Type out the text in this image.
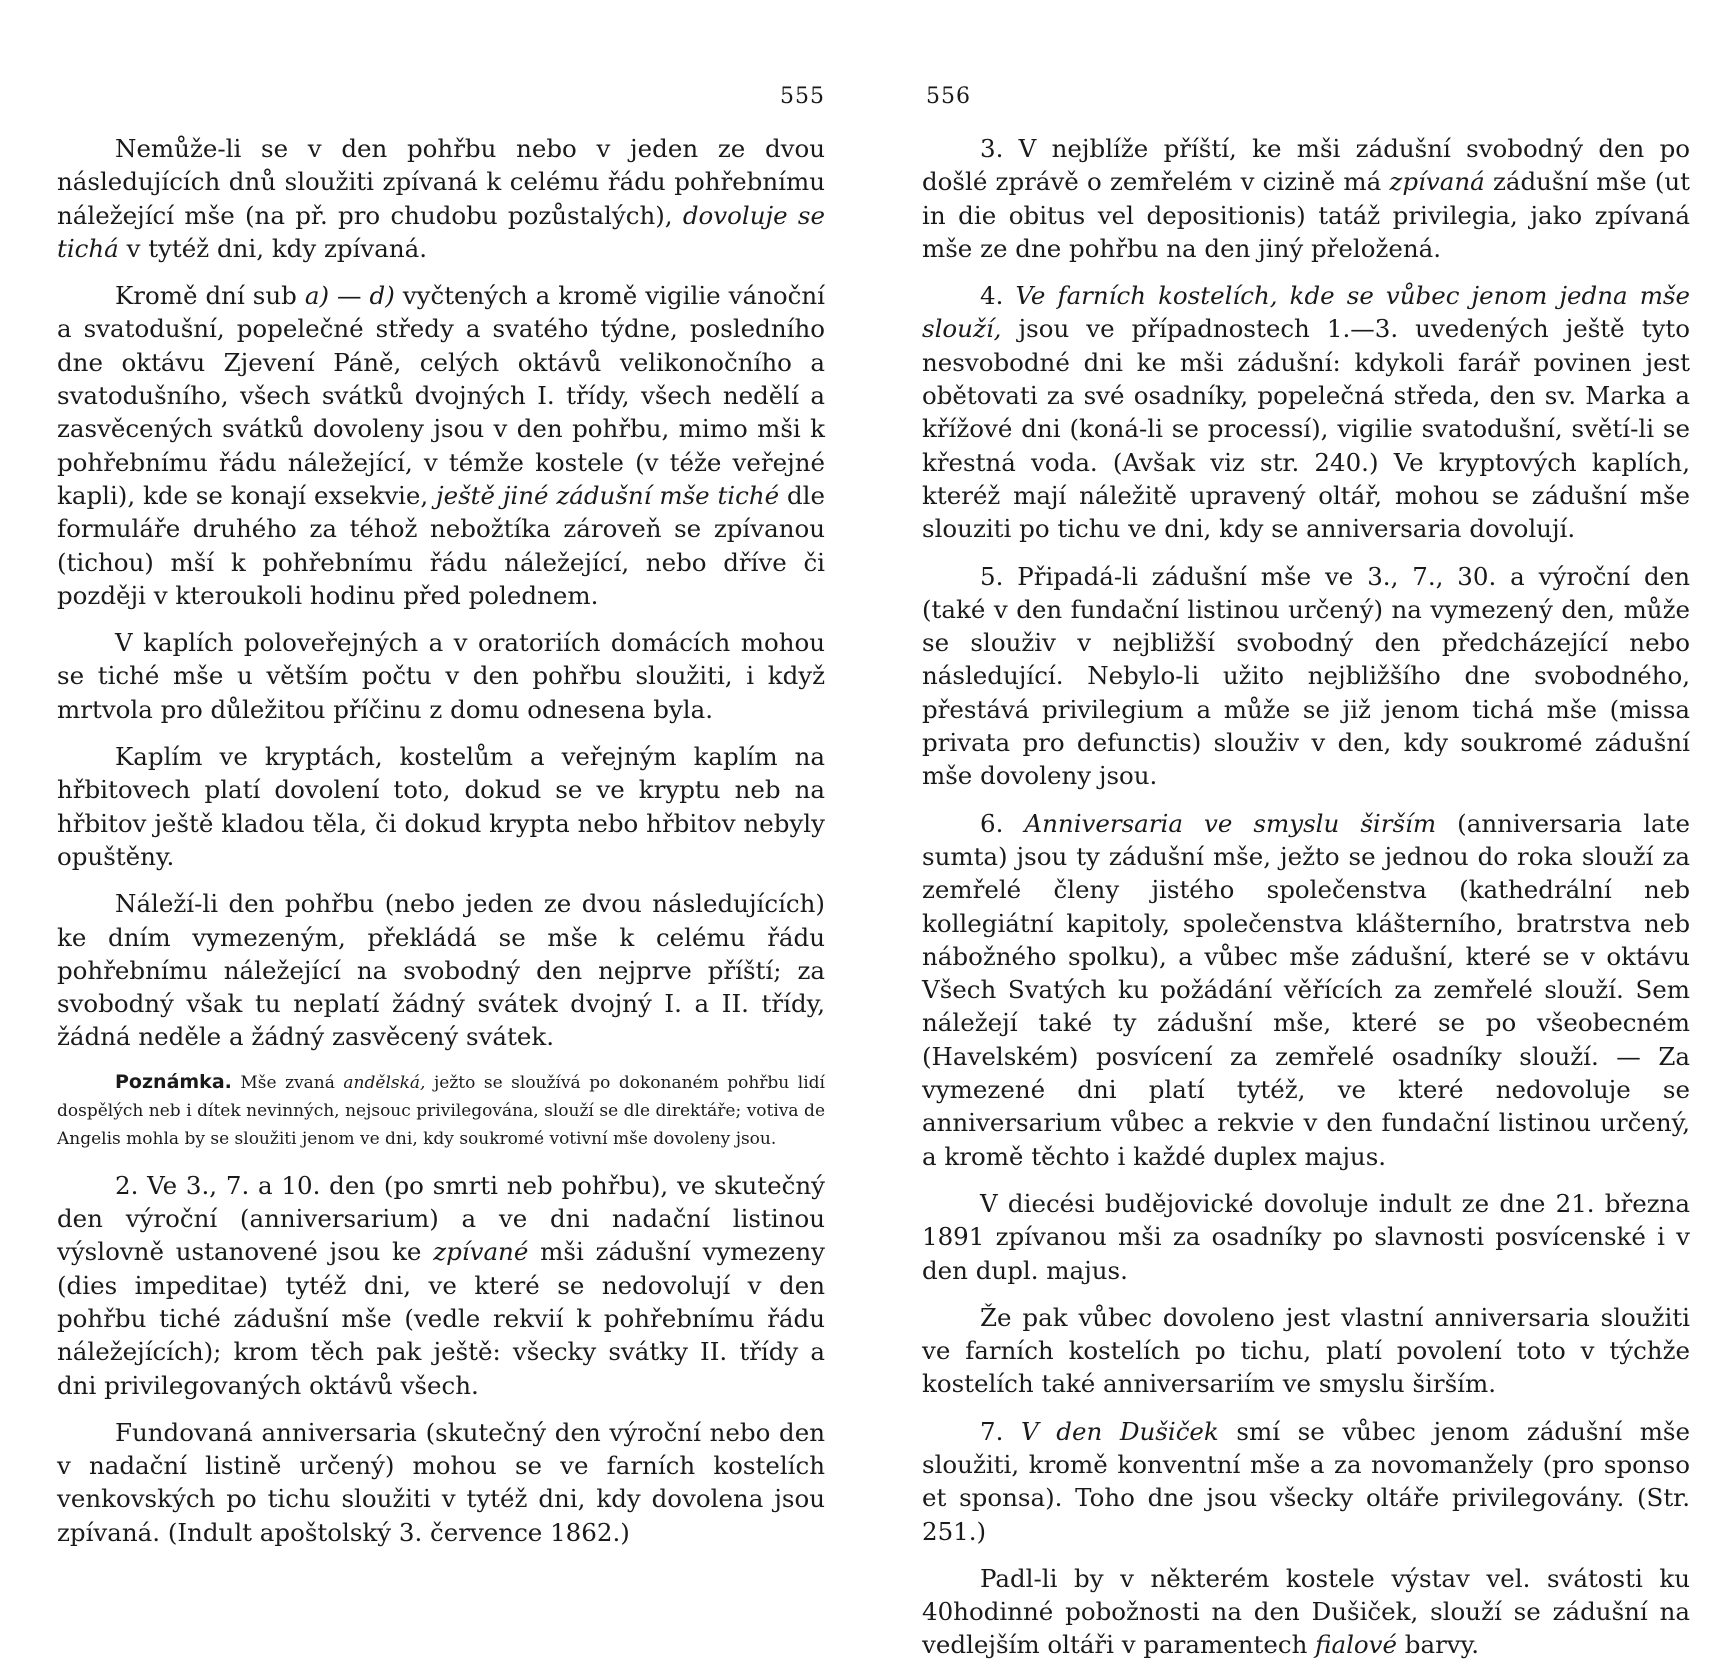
555

Nemůže-li se v den pohřbu nebo v jeden ze dvou následujících dnů sloužiti zpívaná k celému řádu pohřebnímu náležející mše (na př. pro chudobu pozůstalých), dovoluje se tichá v tytéž dni, kdy zpívaná.

Kromě dní sub a) — d) vyčtených a kromě vigilie vánoční a svatodušní, popelečné středy a svatého týdne, posledního dne oktávu Zjevení Páně, celých oktávů velikonočního a svatodušního, všech svátků dvojných I. třídy, všech nedělí a zasvěcených svátků dovoleny jsou v den pohřbu, mimo mši k pohřebnímu řádu náležející, v témže kostele (v téže veřejné kapli), kde se konají exsekvie, ještě jiné zádušní mše tiché dle formuláře druhého za téhož nebožtíka zároveň se zpívanou (tichou) mší k pohřebnímu řádu náležející, nebo dříve či později v kteroukoli hodinu před polednem.

V kaplích poloveřejných a v oratoriích domácích mohou se tiché mše u větším počtu v den pohřbu sloužiti, i když mrtvola pro důležitou příčinu z domu odnesena byla.

Kaplím ve kryptách, kostelům a veřejným kaplím na hřbitovech platí dovolení toto, dokud se ve kryptu neb na hřbitov ještě kladou těla, či dokud krypta nebo hřbitov nebyly opuštěny.

Náleží-li den pohřbu (nebo jeden ze dvou následujících) ke dním vymezeným, překládá se mše k celému řádu pohřebnímu náležející na svobodný den nejprve příští; za svobodný však tu neplatí žádný svátek dvojný I. a II. třídy, žádná neděle a žádný zasvěcený svátek.

Poznámka. Mše zvaná andělská, ježto se sloužívá po dokonaném pohřbu lidí dospělých neb i dítek nevinných, nejsouc privilegována, slouží se dle direktáře; votiva de Angelis mohla by se sloužiti jenom ve dni, kdy soukromé votivní mše dovoleny jsou.

2. Ve 3., 7. a 10. den (po smrti neb pohřbu), ve skutečný den výroční (anniversarium) a ve dni nadační listinou výslovně ustanovené jsou ke zpívané mši zádušní vymezeny (dies impeditae) tytéž dni, ve které se nedovolují v den pohřbu tiché zádušní mše (vedle rekvií k pohřebnímu řádu náležejících); krom těch pak ještě: všecky svátky II. třídy a dni privilegovaných oktávů všech.

Fundovaná anniversaria (skutečný den výroční nebo den v nadační listině určený) mohou se ve farních kostelích venkovských po tichu sloužiti v tytéž dni, kdy dovolena jsou zpívaná. (Indult apoštolský 3. července 1862.)

556

3. V nejblíže příští, ke mši zádušní svobodný den po došlé zprávě o zemřelém v cizině má zpívaná zádušní mše (ut in die obitus vel depositionis) tatáž privilegia, jako zpívaná mše ze dne pohřbu na den jiný přeložená.

4. Ve farních kostelích, kde se vůbec jenom jedna mše slouží, jsou ve případnostech 1.—3. uvedených ještě tyto nesvobodné dni ke mši zádušní: kdykoli farář povinen jest obětovati za své osadníky, popelečná středa, den sv. Marka a křížové dni (koná-li se processí), vigilie svatodušní, světí-li se křestná voda. (Avšak viz str. 240.) Ve kryptových kaplích, kteréž mají náležitě upravený oltář, mohou se zádušní mše slouziti po tichu ve dni, kdy se anniversaria dovolují.

5. Připadá-li zádušní mše ve 3., 7., 30. a výroční den (také v den fundační listinou určený) na vymezený den, může se slouživ v nejbližší svobodný den předcházející nebo následující. Nebylo-li užito nejbližšího dne svobodného, přestává privilegium a může se již jenom tichá mše (missa privata pro defunctis) slouživ v den, kdy soukromé zádušní mše dovoleny jsou.

6. Anniversaria ve smyslu širším (anniversaria late sumta) jsou ty zádušní mše, ježto se jednou do roka slouží za zemřelé členy jistého společenstva (kathedrální neb kollegiátní kapitoly, společenstva klášterního, bratrstva neb nábožného spolku), a vůbec mše zádušní, které se v oktávu Všech Svatých ku požádání věřících za zemřelé slouží. Sem náležejí také ty zádušní mše, které se po všeobecném (Havelském) posvícení za zemřelé osadníky slouží. — Za vymezené dni platí tytéž, ve které nedovoluje se anniversarium vůbec a rekvie v den fundační listinou určený, a kromě těchto i každé duplex majus.

V diecési budějovické dovoluje indult ze dne 21. března 1891 zpívanou mši za osadníky po slavnosti posvícenské i v den dupl. majus.

Že pak vůbec dovoleno jest vlastní anniversaria sloužiti ve farních kostelích po tichu, platí povolení toto v týchže kostelích také anniversariím ve smyslu širším.

7. V den Dušiček smí se vůbec jenom zádušní mše sloužiti, kromě konventní mše a za novomanžely (pro sponso et sponsa). Toho dne jsou všecky oltáře privilegovány. (Str. 251.)

Padl-li by v některém kostele výstav vel. svátosti ku 40hodinné pobožnosti na den Dušiček, slouží se zádušní na vedlejším oltáři v paramentech fialové barvy.
